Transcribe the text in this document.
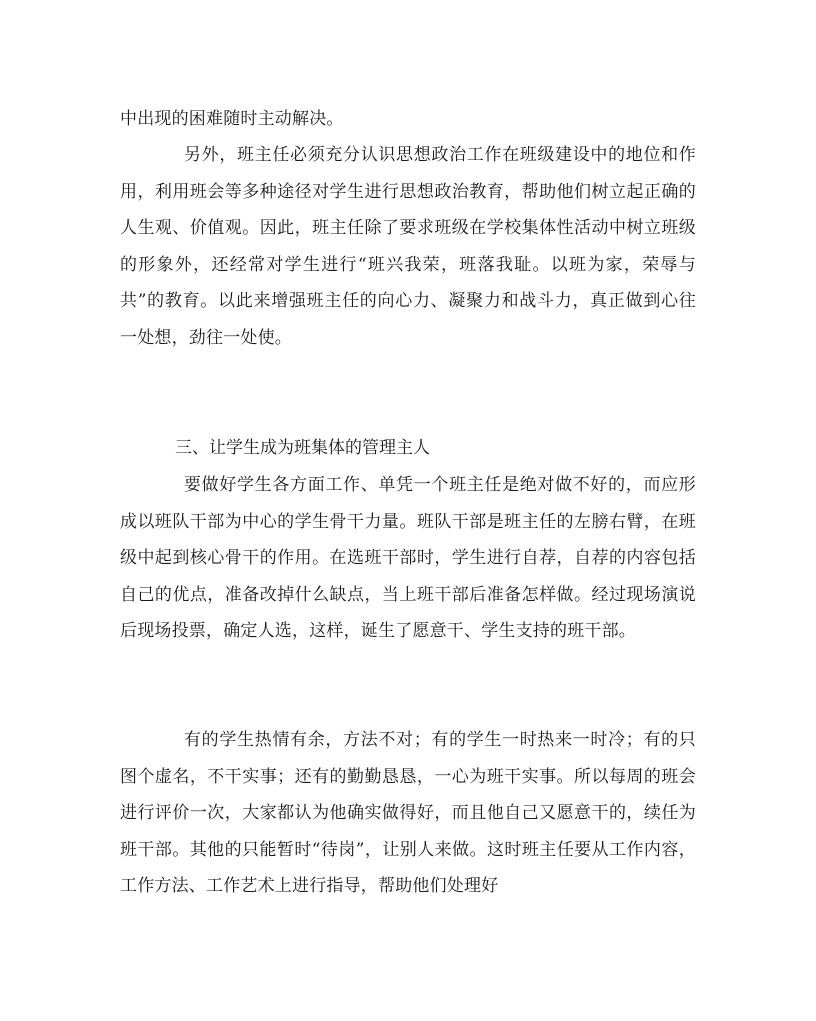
中出现的困难随时主动解决。

另外，班主任必须充分认识思想政治工作在班级建设中的地位和作用，利用班会等多种途径对学生进行思想政治教育，帮助他们树立起正确的人生观、价值观。因此，班主任除了要求班级在学校集体性活动中树立班级的形象外，还经常对学生进行“班兴我荣，班落我耻。以班为家，荣辱与共”的教育。以此来增强班主任的向心力、凝聚力和战斗力，真正做到心往一处想，劲往一处使。

三、让学生成为班集体的管理主人

要做好学生各方面工作、单凭一个班主任是绝对做不好的，而应形成以班队干部为中心的学生骨干力量。班队干部是班主任的左膀右臂，在班级中起到核心骨干的作用。在选班干部时，学生进行自荐，自荐的内容包括自己的优点，准备改掉什么缺点，当上班干部后准备怎样做。经过现场演说后现场投票，确定人选，这样，诞生了愿意干、学生支持的班干部。

有的学生热情有余，方法不对；有的学生一时热来一时冷；有的只图个虚名，不干实事；还有的勤勤恳恳，一心为班干实事。所以每周的班会进行评价一次，大家都认为他确实做得好，而且他自己又愿意干的，续任为班干部。其他的只能暂时“待岗”，让别人来做。这时班主任要从工作内容，工作方法、工作艺术上进行指导，帮助他们处理好
